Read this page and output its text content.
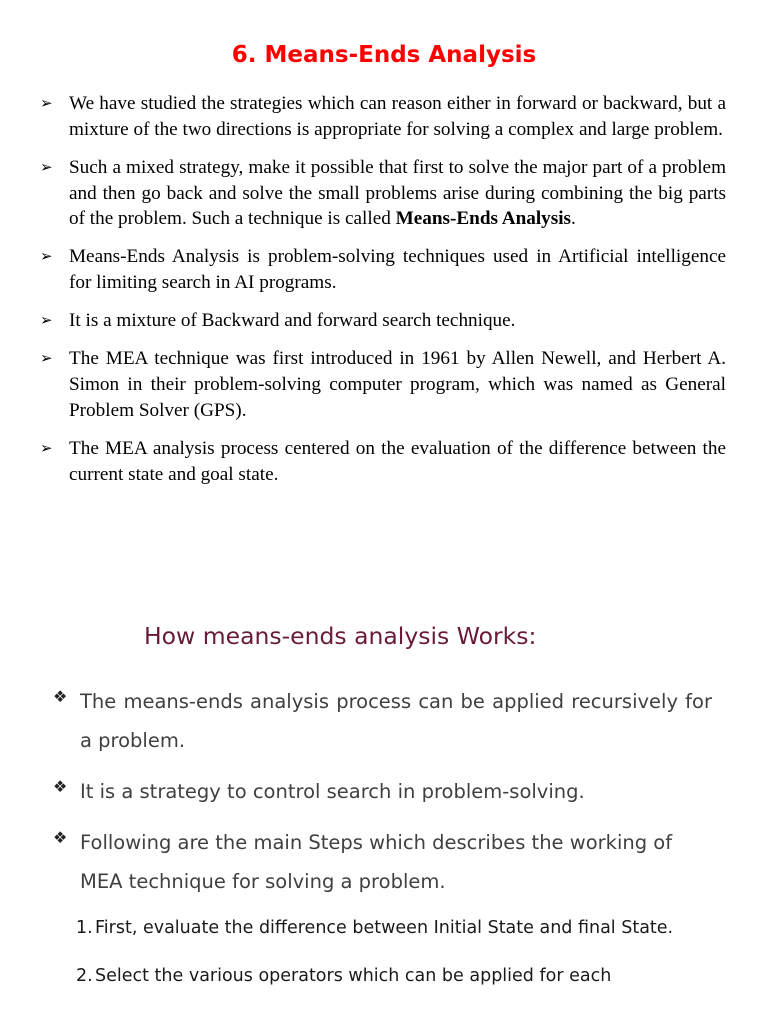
6. Means-Ends Analysis
➢ We have studied the strategies which can reason either in forward or backward, but a mixture of the two directions is appropriate for solving a complex and large problem.
➢ Such a mixed strategy, make it possible that first to solve the major part of a problem and then go back and solve the small problems arise during combining the big parts of the problem. Such a technique is called Means-Ends Analysis.
➢ Means-Ends Analysis is problem-solving techniques used in Artificial intelligence for limiting search in AI programs.
➢ It is a mixture of Backward and forward search technique.
➢ The MEA technique was first introduced in 1961 by Allen Newell, and Herbert A. Simon in their problem-solving computer program, which was named as General Problem Solver (GPS).
➢ The MEA analysis process centered on the evaluation of the difference between the current state and goal state.
How means-ends analysis Works:
❖ The means-ends analysis process can be applied recursively for a problem.
❖ It is a strategy to control search in problem-solving.
❖ Following are the main Steps which describes the working of MEA technique for solving a problem.
1. First, evaluate the difference between Initial State and final State.
2. Select the various operators which can be applied for each
